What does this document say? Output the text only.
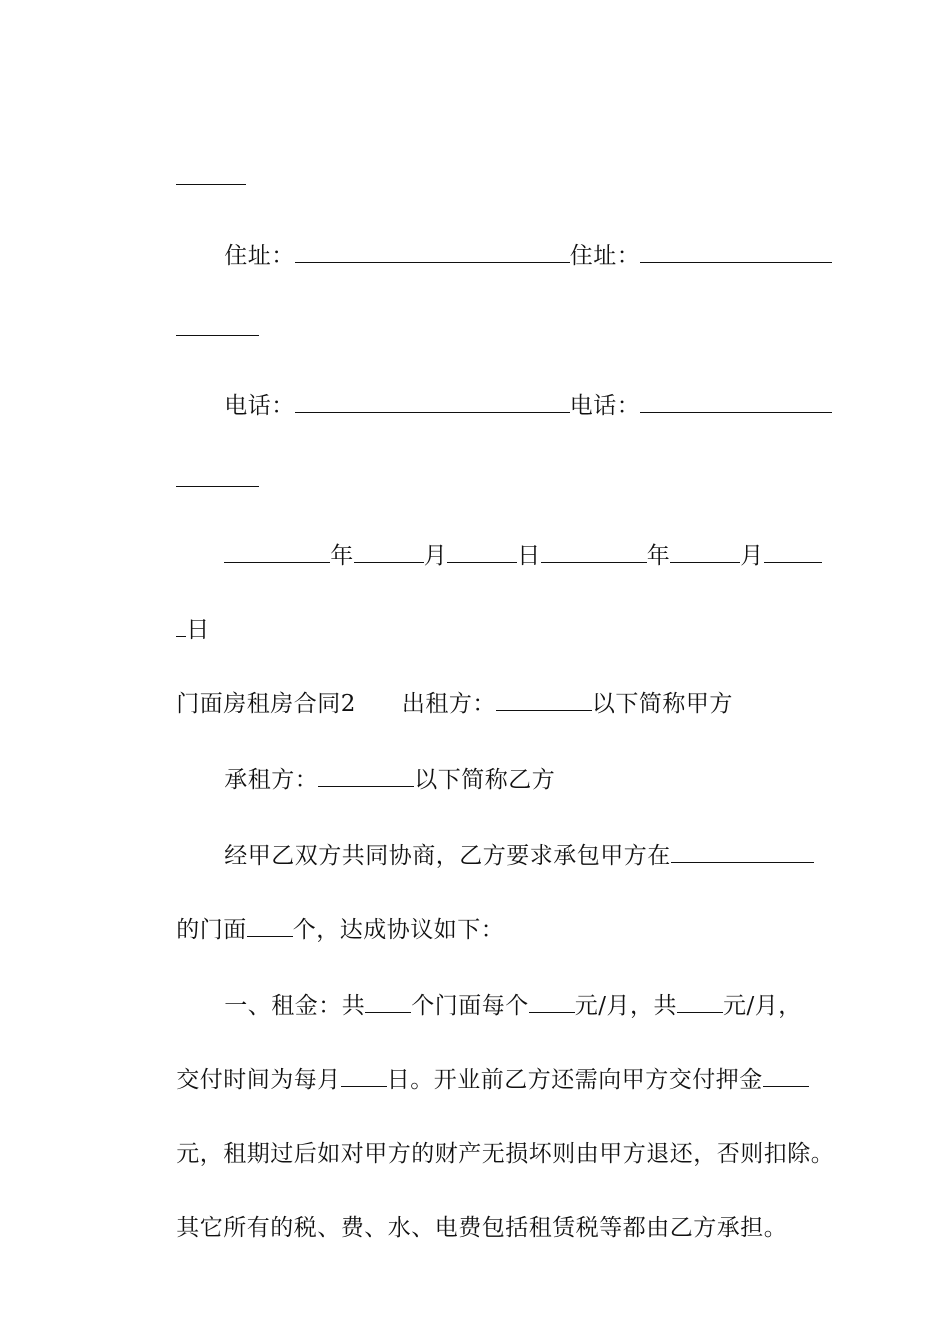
住址：	住址：

电话：	电话：

年	月	日	年	月

日

门面房租房合同2 出租方：	以下简称甲方

承租方：	以下简称乙方

经甲乙双方共同协商，乙方要求承包甲方在

的门面 个，达成协议如下：

一、租金：共 个门面每个 元/月，共 元/月，

交付时间为每月 日。开业前乙方还需向甲方交付押金

元，租期过后如对甲方的财产无损坏则由甲方退还，否则扣除。

其它所有的税、费、水、电费包括租赁税等都由乙方承担。
